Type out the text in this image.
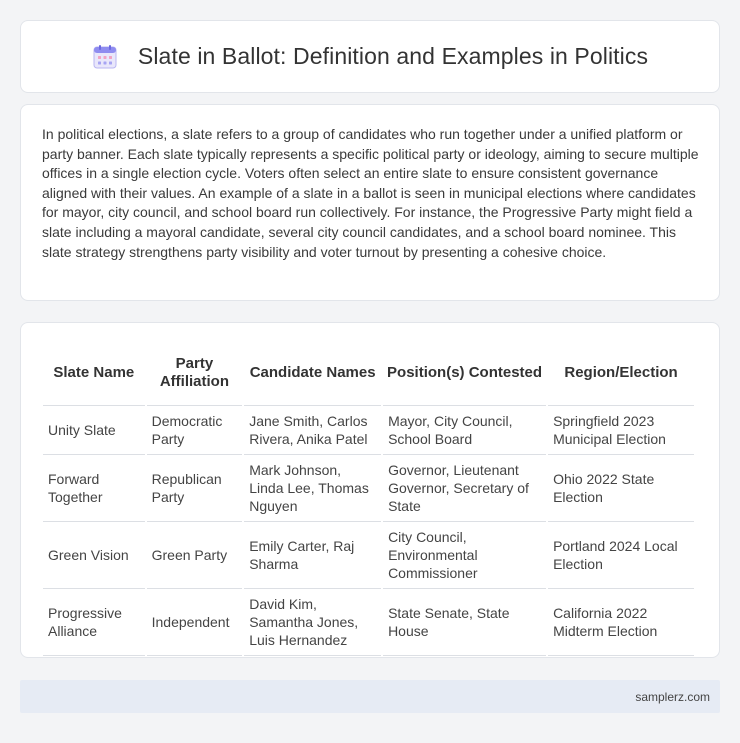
Slate in Ballot: Definition and Examples in Politics

In political elections, a slate refers to a group of candidates who run together under a unified platform or party banner. Each slate typically represents a specific political party or ideology, aiming to secure multiple offices in a single election cycle. Voters often select an entire slate to ensure consistent governance aligned with their values. An example of a slate in a ballot is seen in municipal elections where candidates for mayor, city council, and school board run collectively. For instance, the Progressive Party might field a slate including a mayoral candidate, several city council candidates, and a school board nominee. This slate strategy strengthens party visibility and voter turnout by presenting a cohesive choice.

Slate Name	Party Affiliation	Candidate Names	Position(s) Contested	Region/Election
Unity Slate	Democratic Party	Jane Smith, Carlos Rivera, Anika Patel	Mayor, City Council, School Board	Springfield 2023 Municipal Election
Forward Together	Republican Party	Mark Johnson, Linda Lee, Thomas Nguyen	Governor, Lieutenant Governor, Secretary of State	Ohio 2022 State Election
Green Vision	Green Party	Emily Carter, Raj Sharma	City Council, Environmental Commissioner	Portland 2024 Local Election
Progressive Alliance	Independent	David Kim, Samantha Jones, Luis Hernandez	State Senate, State House	California 2022 Midterm Election
samplerz.com
